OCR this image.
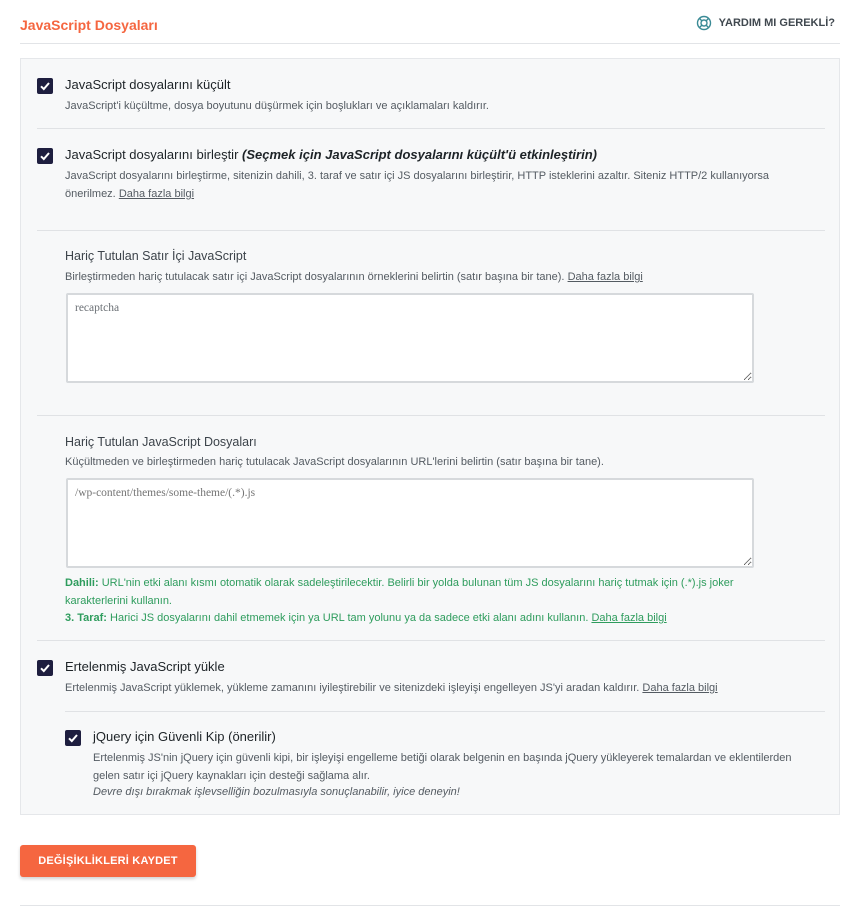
JavaScript Dosyaları	YARDIM MI GEREKLİ?
JavaScript dosyalarını küçült
JavaScript'i küçültme, dosya boyutunu düşürmek için boşlukları ve açıklamaları kaldırır.
JavaScript dosyalarını birleştir (Seçmek için JavaScript dosyalarını küçült'ü etkinleştirin)
JavaScript dosyalarını birleştirme, sitenizin dahili, 3. taraf ve satır içi JS dosyalarını birleştirir, HTTP isteklerini azaltır. Siteniz HTTP/2 kullanıyorsa önerilmez. Daha fazla bilgi
Hariç Tutulan Satır İçi JavaScript
Birleştirmeden hariç tutulacak satır içi JavaScript dosyalarının örneklerini belirtin (satır başına bir tane). Daha fazla bilgi
recaptcha
Hariç Tutulan JavaScript Dosyaları
Küçültmeden ve birleştirmeden hariç tutulacak JavaScript dosyalarının URL'lerini belirtin (satır başına bir tane).
/wp-content/themes/some-theme/(.*).js
Dahili: URL'nin etki alanı kısmı otomatik olarak sadeleştirilecektir. Belirli bir yolda bulunan tüm JS dosyalarını hariç tutmak için (.*).js joker karakterlerini kullanın.
3. Taraf: Harici JS dosyalarını dahil etmemek için ya URL tam yolunu ya da sadece etki alanı adını kullanın. Daha fazla bilgi
Ertelenmiş JavaScript yükle
Ertelenmiş JavaScript yüklemek, yükleme zamanını iyileştirebilir ve sitenizdeki işleyişi engelleyen JS'yi aradan kaldırır. Daha fazla bilgi
jQuery için Güvenli Kip (önerilir)
Ertelenmiş JS'nin jQuery için güvenli kipi, bir işleyişi engelleme betiği olarak belgenin en başında jQuery yükleyerek temalardan ve eklentilerden gelen satır içi jQuery kaynakları için desteği sağlama alır.
Devre dışı bırakmak işlevselliğin bozulmasıyla sonuçlanabilir, iyice deneyin!
DEĞİŞİKLİKLERİ KAYDET
